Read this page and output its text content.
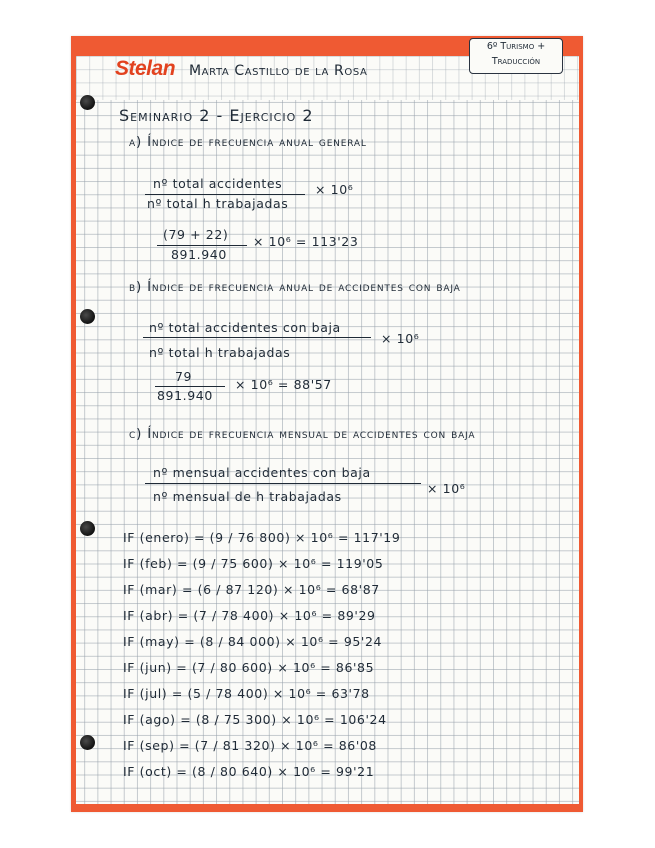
Stelan Marta Castillo de la Rosa
6º Turismo +
Traducción
Seminario 2 - Ejercicio 2
a) Índice de frecuencia anual general
nº total accidentes
nº total h trabajadas
× 10⁶
(79 + 22)
891.940
× 10⁶ = 113'23
b) Índice de frecuencia anual de accidentes con baja
nº total accidentes con baja
nº total h trabajadas
× 10⁶
79
891.940
× 10⁶ = 88'57
c) Índice de frecuencia mensual de accidentes con baja
nº mensual accidentes con baja
nº mensual de h trabajadas
× 10⁶
IF (enero) = (9 / 76 800) × 10⁶ = 117'19
IF (feb) = (9 / 75 600) × 10⁶ = 119'05
IF (mar) = (6 / 87 120) × 10⁶ = 68'87
IF (abr) = (7 / 78 400) × 10⁶ = 89'29
IF (may) = (8 / 84 000) × 10⁶ = 95'24
IF (jun) = (7 / 80 600) × 10⁶ = 86'85
IF (jul) = (5 / 78 400) × 10⁶ = 63'78
IF (ago) = (8 / 75 300) × 10⁶ = 106'24
IF (sep) = (7 / 81 320) × 10⁶ = 86'08
IF (oct) = (8 / 80 640) × 10⁶ = 99'21
